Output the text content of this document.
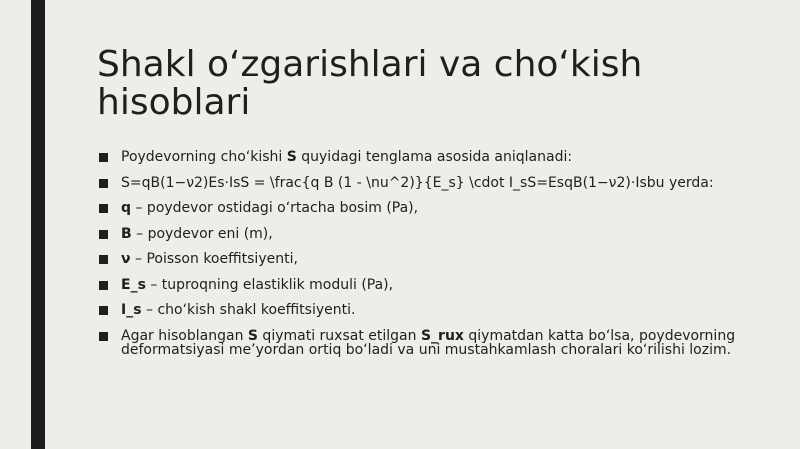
Shakl o‘zgarishlari va cho‘kish hisoblari
Poydevorning cho‘kishi S quyidagi tenglama asosida aniqlanadi:
S=qB(1−ν2)Es⋅IsS = \frac{q B (1 - \nu^2)}{E_s} \cdot I_sS=EsqB(1−ν2)⋅Isbu yerda:
q – poydevor ostidagi o‘rtacha bosim (Pa),
B – poydevor eni (m),
ν – Poisson koeffitsiyenti,
E_s – tuproqning elastiklik moduli (Pa),
I_s – cho‘kish shakl koeffitsiyenti.
Agar hisoblangan S qiymati ruxsat etilgan S_rux qiymatdan katta bo‘lsa, poydevorning deformatsiyasi me’yordan ortiq bo‘ladi va uni mustahkamlash choralari ko‘rilishi lozim.
